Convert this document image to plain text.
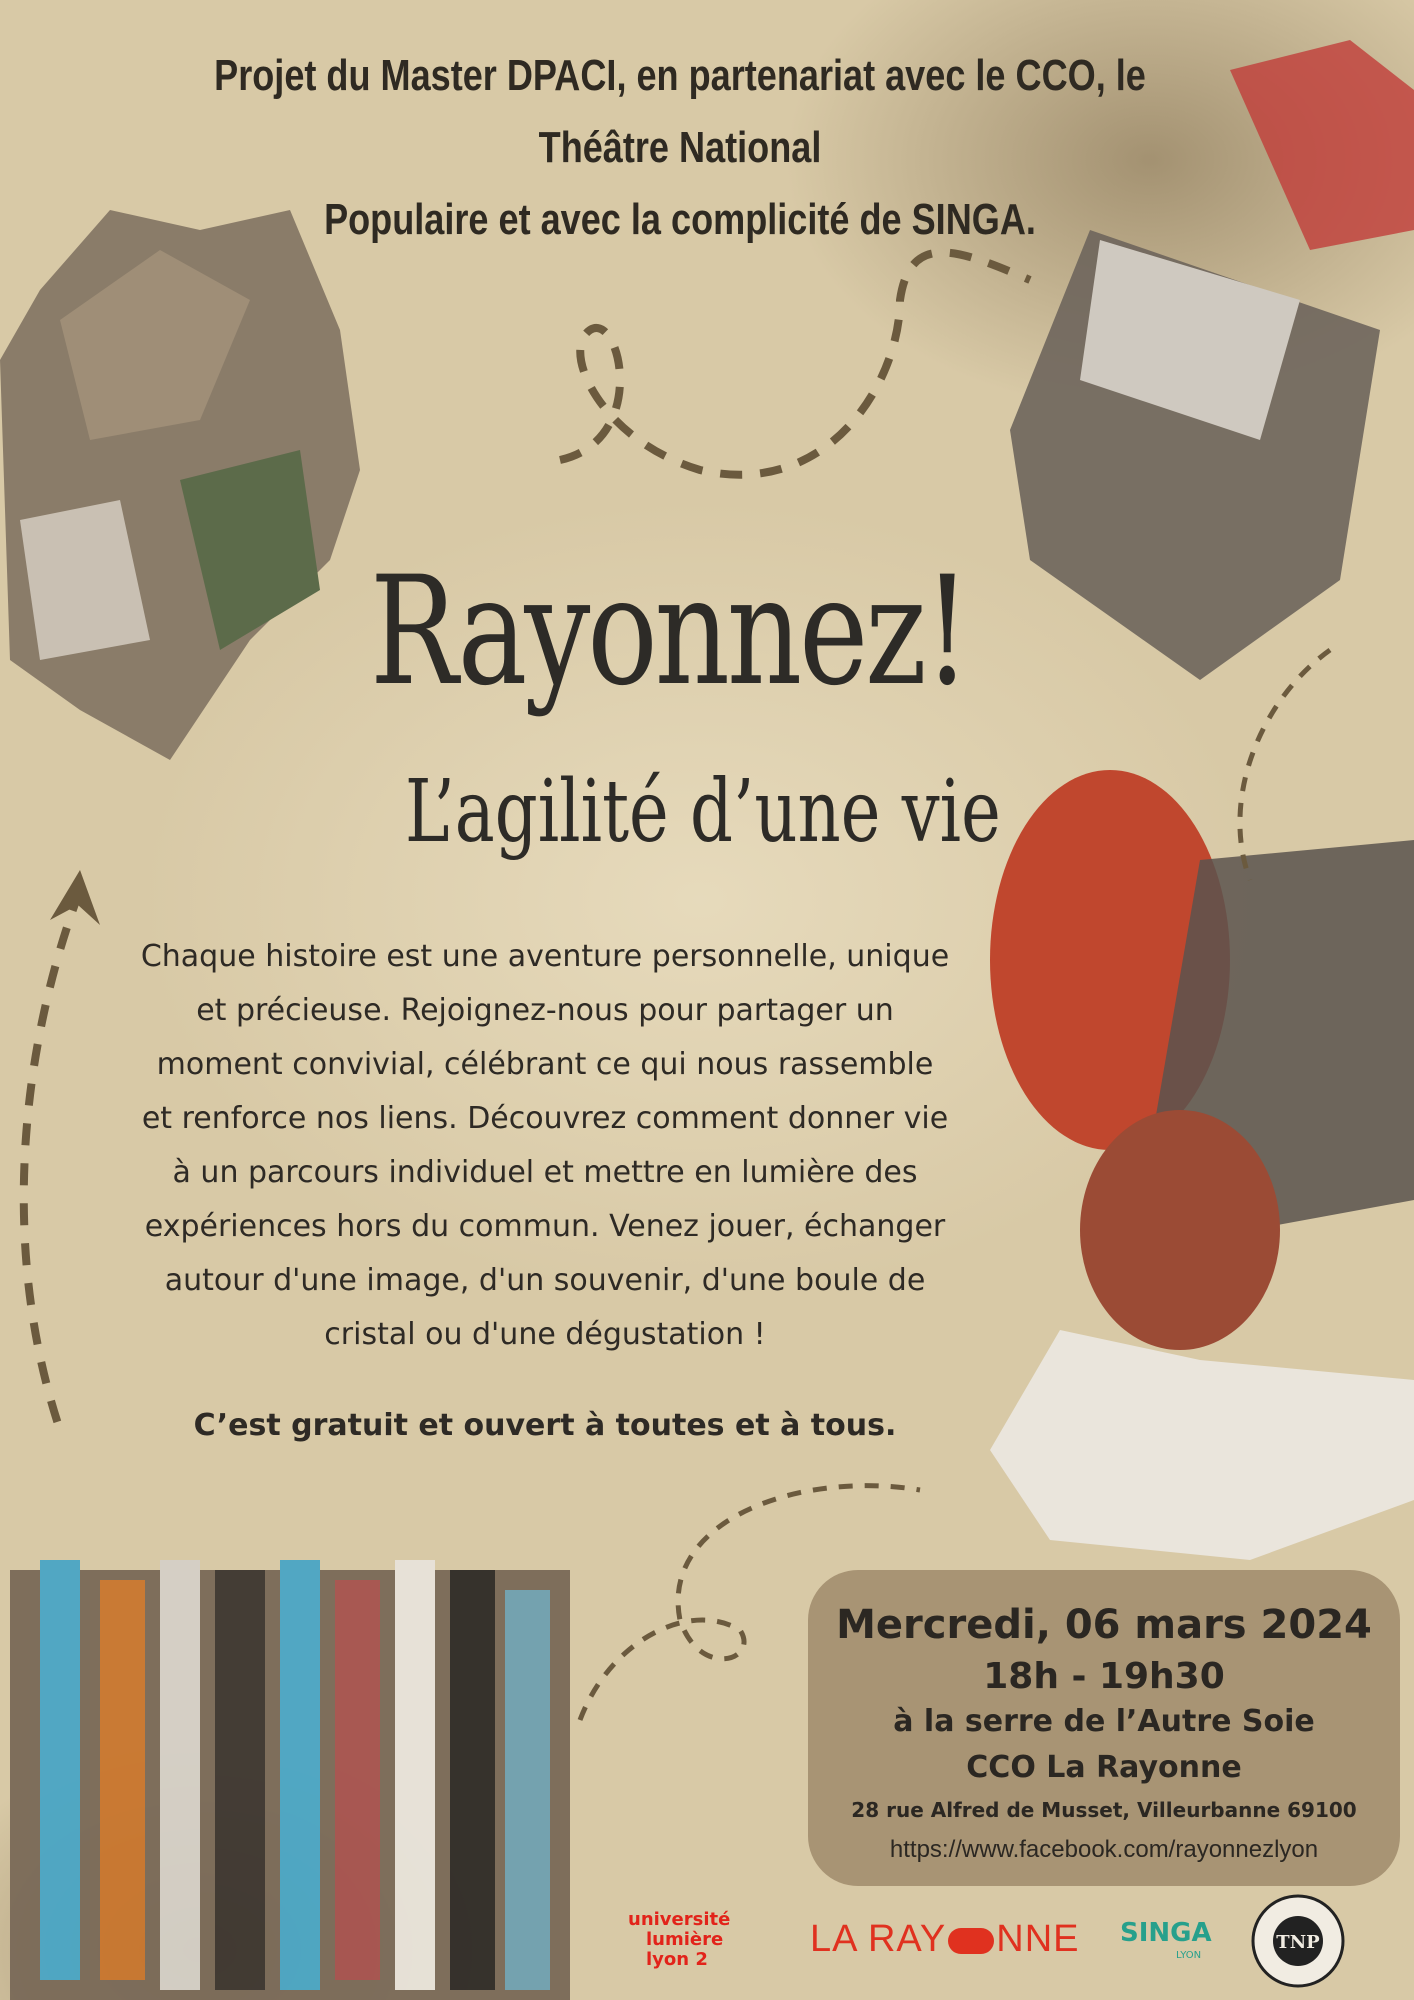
Projet du Master DPACI, en partenariat avec le CCO, le Théâtre National
Populaire et avec la complicité de SINGA.
Rayonnez!
L’agilité d’une vie
Chaque histoire est une aventure personnelle, unique
et précieuse. Rejoignez-nous pour partager un
moment convivial, célébrant ce qui nous rassemble
et renforce nos liens. Découvrez comment donner vie
à un parcours individuel et mettre en lumière des
expériences hors du commun. Venez jouer, échanger
autour d'une image, d'un souvenir, d'une boule de
cristal ou d'une dégustation !
C’est gratuit et ouvert à toutes et à tous.
Mercredi, 06 mars 2024
18h - 19h30
à la serre de l’Autre Soie
CCO La Rayonne
28 rue Alfred de Musset, Villeurbanne 69100
https://www.facebook.com/rayonnezlyon
université
lumière
lyon 2	LA RAY NNE SINGA
LYON
TNP
